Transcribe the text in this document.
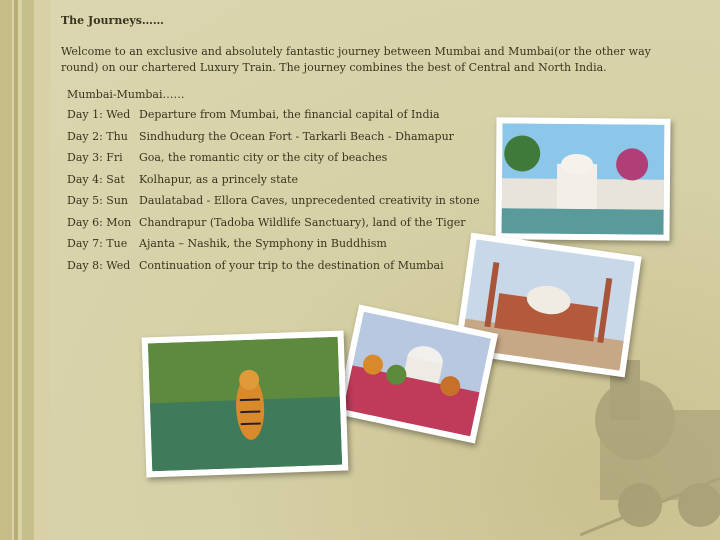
The Journeys……
Welcome to an exclusive and absolutely fantastic journey between Mumbai and Mumbai(or the other way round) on our chartered Luxury Train. The journey combines the best of Central and North India.
Mumbai-Mumbai……
Day 1: Wed Departure from Mumbai, the financial capital of India
Day 2: Thu	Sindhudurg the Ocean Fort - Tarkarli Beach - Dhamapur
Day 3: Fri	Goa, the romantic city or the city of beaches
Day 4: Sat	Kolhapur, as a princely state
Day 5: Sun	Daulatabad - Ellora Caves, unprecedented creativity in stone
Day 6: Mon Chandrapur (Tadoba Wildlife Sanctuary), land of the Tiger
Day 7: Tue	Ajanta – Nashik, the Symphony in Buddhism
Day 8: Wed Continuation of your trip to the destination of Mumbai
